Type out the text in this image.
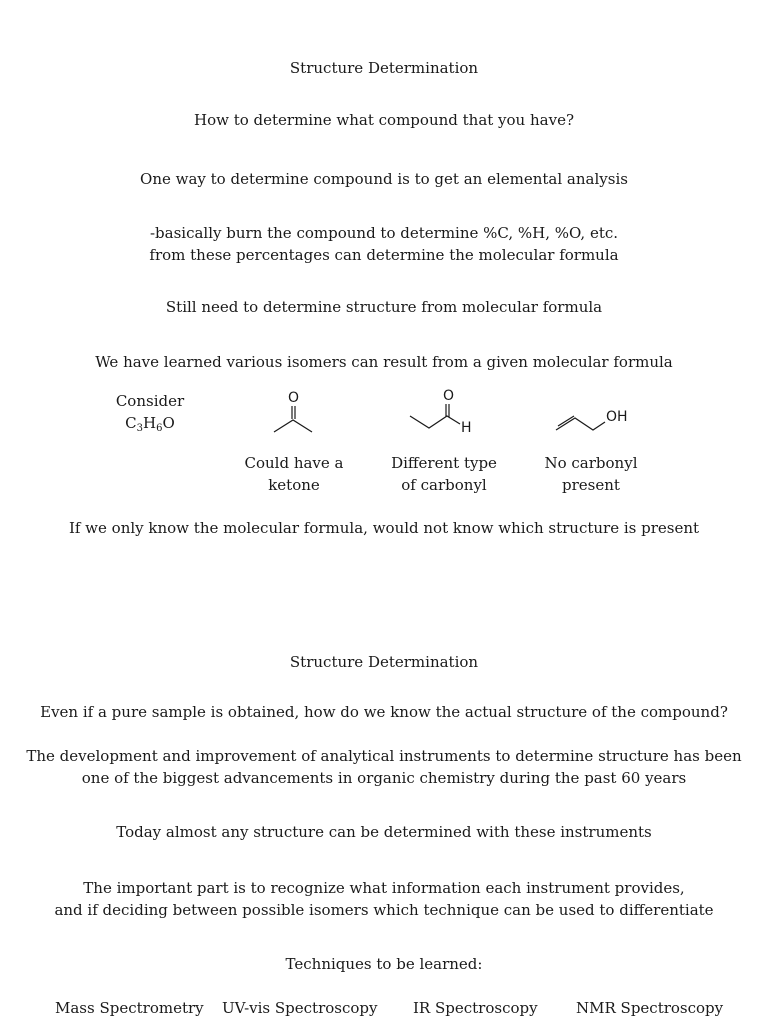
Structure Determination
How to determine what compound that you have?
One way to determine compound is to get an elemental analysis
-basically burn the compound to determine %C, %H, %O, etc.
from these percentages can determine the molecular formula
Still need to determine structure from molecular formula
We have learned various isomers can result from a given molecular formula
Consider
$C_3H_6O$
O	O
H
OH
Could have a
ketone
Different type
of carbonyl
No carbonyl
present
If we only know the molecular formula, would not know which structure is present
Structure Determination
Even if a pure sample is obtained, how do we know the actual structure of the compound?
The development and improvement of analytical instruments to determine structure has been
one of the biggest advancements in organic chemistry during the past 60 years
Today almost any structure can be determined with these instruments
The important part is to recognize what information each instrument provides,
and if deciding between possible isomers which technique can be used to differentiate
Techniques to be learned:
Mass Spectrometry UV-vis Spectroscopy IR Spectroscopy	NMR Spectroscopy
